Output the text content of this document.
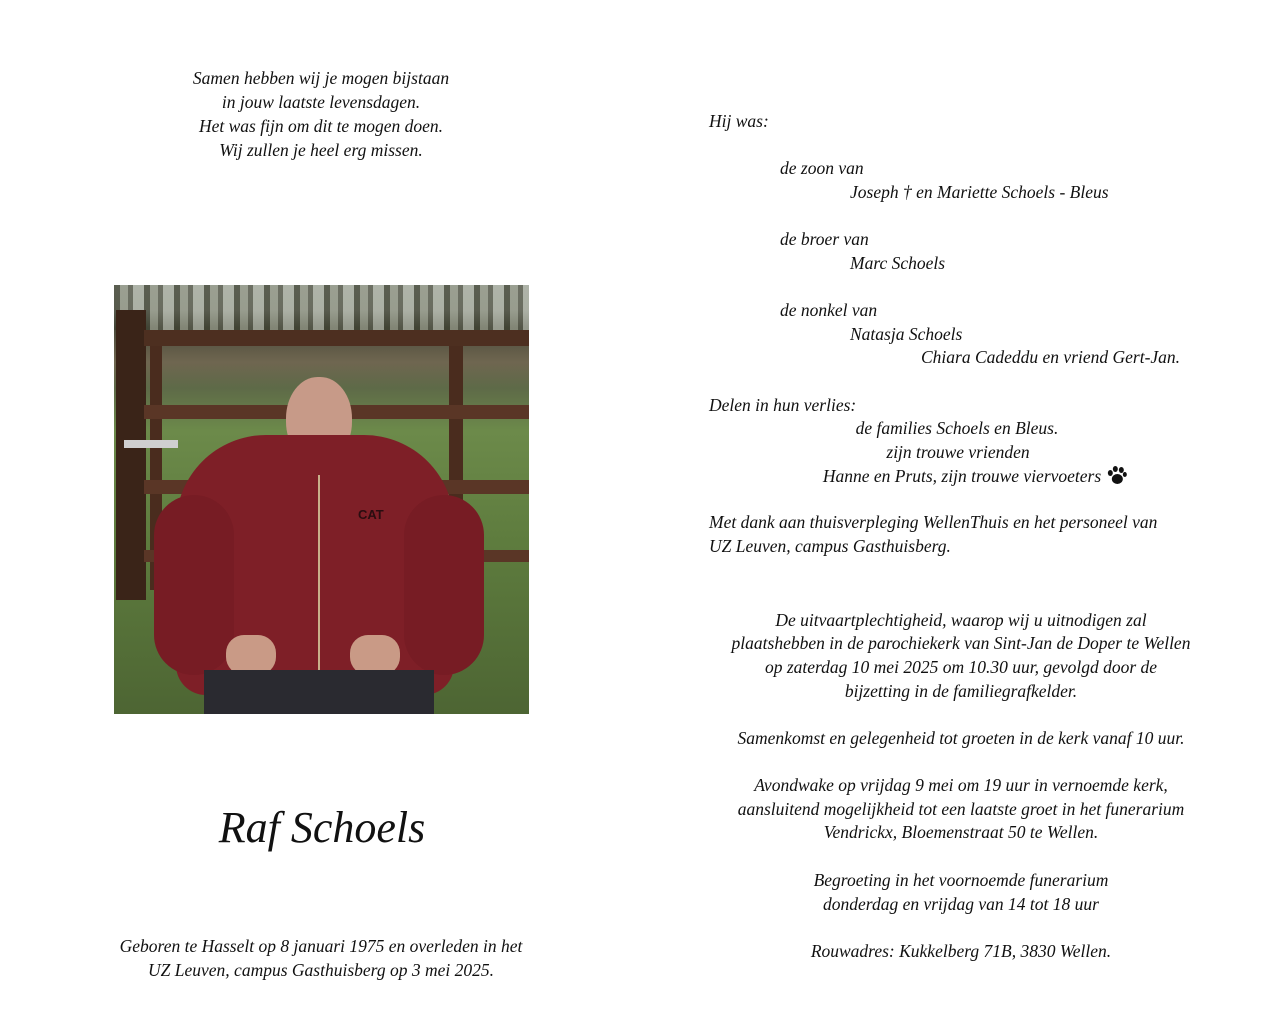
Samen hebben wij je mogen bijstaan
in jouw laatste levensdagen.
Het was fijn om dit te mogen doen.
Wij zullen je heel erg missen.
CAT
Raf Schoels
Geboren te Hasselt op 8 januari 1975 en overleden in het
UZ Leuven, campus Gasthuisberg op 3 mei 2025.
Hij was:
de zoon van
Joseph † en Mariette Schoels - Bleus
de broer van
Marc Schoels
de nonkel van
Natasja Schoels
Chiara Cadeddu en vriend Gert-Jan.
Delen in hun verlies:
de families Schoels en Bleus.
zijn trouwe vrienden
Hanne en Pruts, zijn trouwe viervoeters
Met dank aan thuisverpleging WellenThuis en het personeel van
UZ Leuven, campus Gasthuisberg.
De uitvaartplechtigheid, waarop wij u uitnodigen zal
plaatshebben in de parochiekerk van Sint-Jan de Doper te Wellen
op zaterdag 10 mei 2025 om 10.30 uur, gevolgd door de
bijzetting in de familiegrafkelder.
Samenkomst en gelegenheid tot groeten in de kerk vanaf 10 uur.
Avondwake op vrijdag 9 mei om 19 uur in vernoemde kerk,
aansluitend mogelijkheid tot een laatste groet in het funerarium
Vendrickx, Bloemenstraat 50 te Wellen.
Begroeting in het voornoemde funerarium
donderdag en vrijdag van 14 tot 18 uur
Rouwadres: Kukkelberg 71B, 3830 Wellen.
